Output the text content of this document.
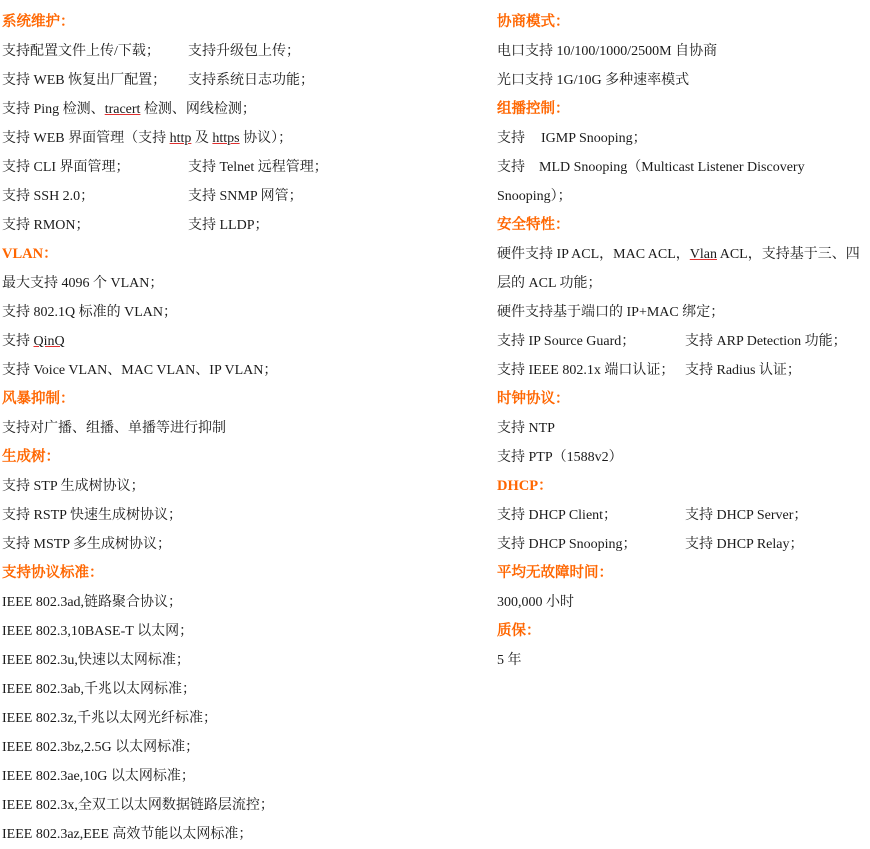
系统维护：
支持配置文件上传/下载； 支持升级包上传；
支持 WEB 恢复出厂配置； 支持系统日志功能；
支持 Ping 检测、tracert 检测、网线检测；
支持 WEB 界面管理（支持 http 及 https 协议）；
支持 CLI 界面管理；	支持 Telnet 远程管理；
支持 SSH 2.0；	支持 SNMP 网管；
支持 RMON；	支持 LLDP；
VLAN：
最大支持 4096 个 VLAN；
支持 802.1Q 标准的 VLAN；
支持 QinQ
支持 Voice VLAN、MAC VLAN、IP VLAN；
风暴抑制：
支持对广播、组播、单播等进行抑制
生成树：
支持 STP 生成树协议；
支持 RSTP 快速生成树协议；
支持 MSTP 多生成树协议；
支持协议标准：
IEEE 802.3ad,链路聚合协议；
IEEE 802.3,10BASE-T 以太网；
IEEE 802.3u,快速以太网标准；
IEEE 802.3ab,千兆以太网标准；
IEEE 802.3z,千兆以太网光纤标准；
IEEE 802.3bz,2.5G 以太网标准；
IEEE 802.3ae,10G 以太网标准；
IEEE 802.3x,全双工以太网数据链路层流控；
IEEE 802.3az,EEE 高效节能以太网标准；
协商模式：
电口支持 10/100/1000/2500M 自协商
光口支持 1G/10G 多种速率模式
组播控制：
支持　　 IGMP Snooping；
支持　MLD Snooping（Multicast Listener Discovery Snooping）；
安全特性：
硬件支持 IP ACL，MAC ACL，Vlan ACL，支持基于三、四层的 ACL 功能；
硬件支持基于端口的 IP+MAC 绑定；
支持 IP Source Guard；	支持 ARP Detection 功能；
支持 IEEE 802.1x 端口认证； 支持 Radius 认证；
时钟协议：
支持 NTP
支持 PTP（1588v2）
DHCP：
支持 DHCP Client；	支持 DHCP Server；
支持 DHCP Snooping；	支持 DHCP Relay；
平均无故障时间：
300,000 小时
质保：
5 年
